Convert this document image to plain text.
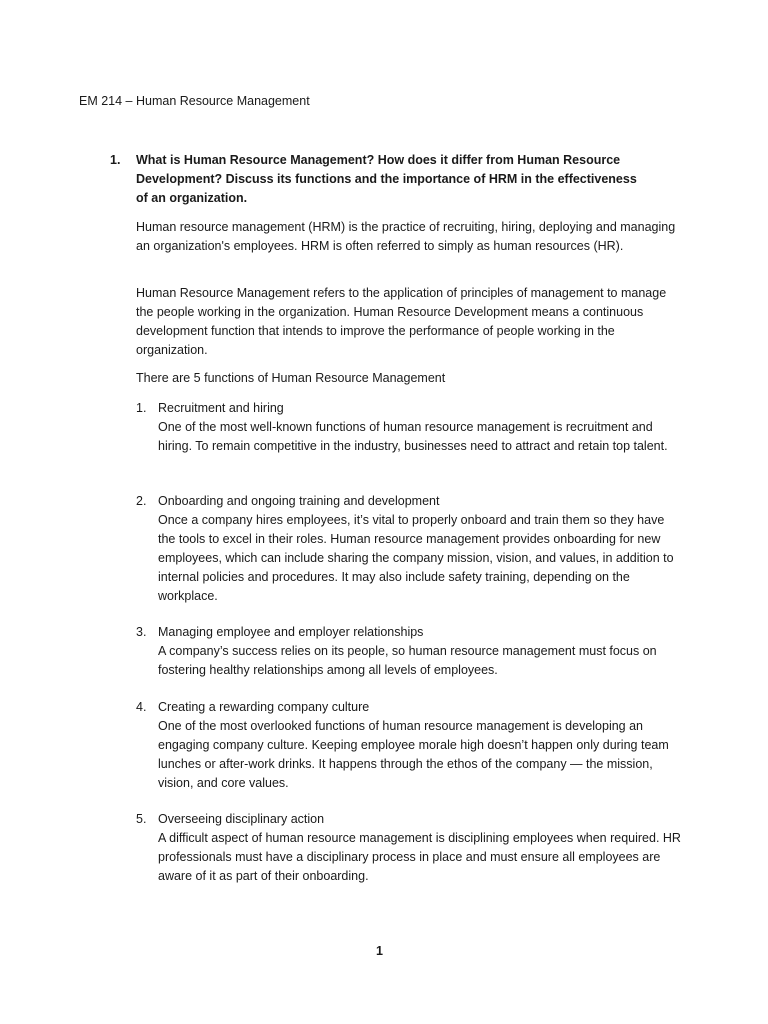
EM 214 – Human Resource Management
1. What is Human Resource Management? How does it differ from Human Resource Development? Discuss its functions and the importance of HRM in the effectiveness of an organization.

Human resource management (HRM) is the practice of recruiting, hiring, deploying and managing an organization's employees. HRM is often referred to simply as human resources (HR).

Human Resource Management refers to the application of principles of management to manage the people working in the organization. Human Resource Development means a continuous development function that intends to improve the performance of people working in the organization.

There are 5 functions of Human Resource Management

1. Recruitment and hiring
One of the most well-known functions of human resource management is recruitment and hiring. To remain competitive in the industry, businesses need to attract and retain top talent.
2. Onboarding and ongoing training and development
Once a company hires employees, it’s vital to properly onboard and train them so they have the tools to excel in their roles. Human resource management provides onboarding for new employees, which can include sharing the company mission, vision, and values, in addition to internal policies and procedures. It may also include safety training, depending on the workplace.
3. Managing employee and employer relationships
A company’s success relies on its people, so human resource management must focus on fostering healthy relationships among all levels of employees.
4. Creating a rewarding company culture
One of the most overlooked functions of human resource management is developing an engaging company culture. Keeping employee morale high doesn’t happen only during team lunches or after-work drinks. It happens through the ethos of the company — the mission, vision, and core values.
5. Overseeing disciplinary action
A difficult aspect of human resource management is disciplining employees when required. HR professionals must have a disciplinary process in place and must ensure all employees are aware of it as part of their onboarding.
1
